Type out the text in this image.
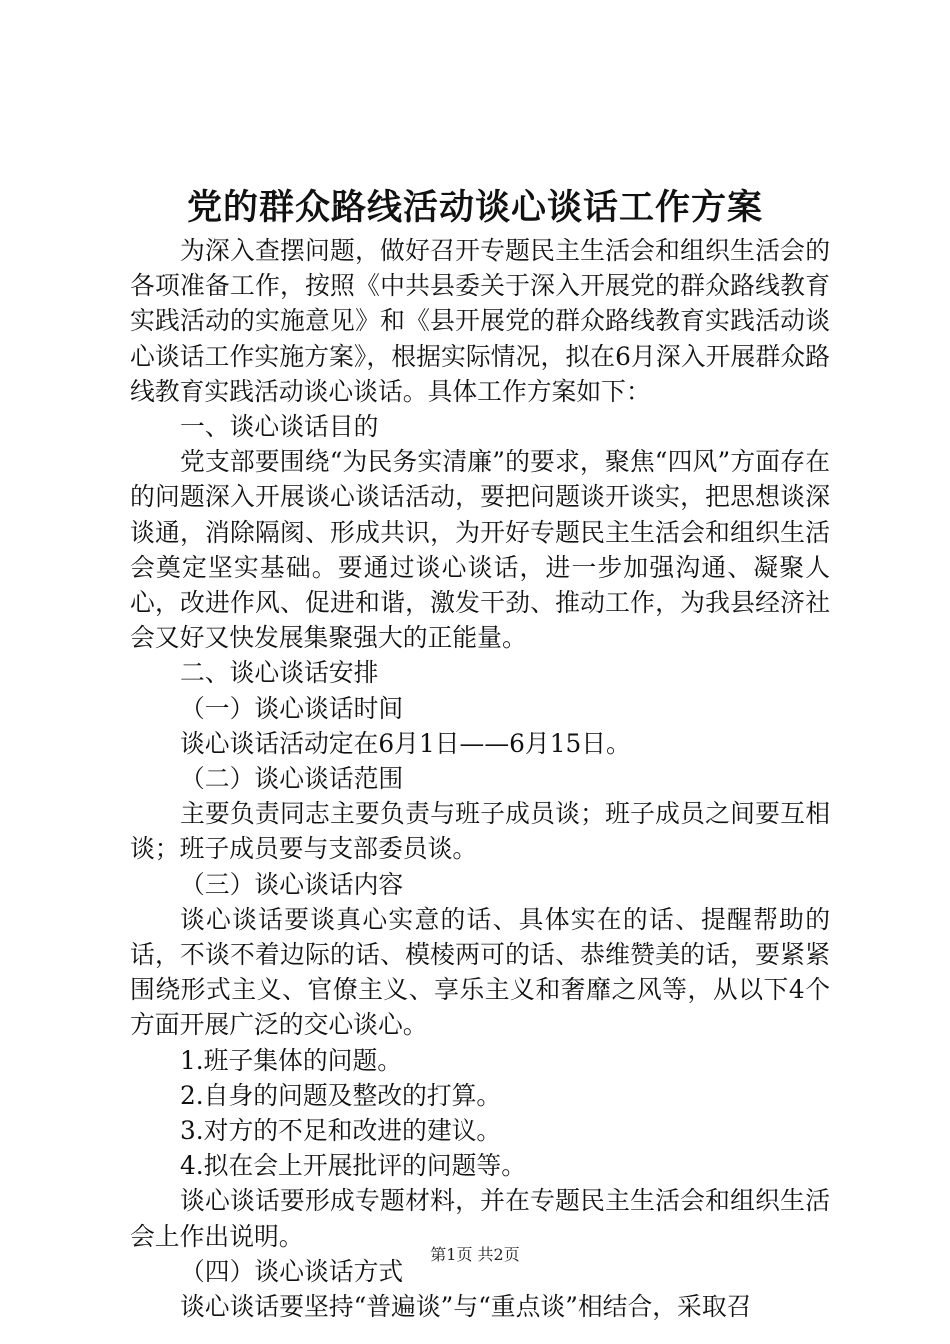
党的群众路线活动谈心谈话工作方案

为深入查摆问题，做好召开专题民主生活会和组织生活会的各项准备工作，按照《中共县委关于深入开展党的群众路线教育实践活动的实施意见》和《县开展党的群众路线教育实践活动谈心谈话工作实施方案》，根据实际情况，拟在6月深入开展群众路线教育实践活动谈心谈话。具体工作方案如下：

一、谈心谈话目的

党支部要围绕“为民务实清廉”的要求，聚焦“四风”方面存在的问题深入开展谈心谈话活动，要把问题谈开谈实，把思想谈深谈通，消除隔阂、形成共识，为开好专题民主生活会和组织生活会奠定坚实基础。要通过谈心谈话，进一步加强沟通、凝聚人心，改进作风、促进和谐，激发干劲、推动工作，为我县经济社会又好又快发展集聚强大的正能量。

二、谈心谈话安排

（一）谈心谈话时间

谈心谈话活动定在6月1日——6月15日。

（二）谈心谈话范围

主要负责同志主要负责与班子成员谈；班子成员之间要互相谈；班子成员要与支部委员谈。

（三）谈心谈话内容

谈心谈话要谈真心实意的话、具体实在的话、提醒帮助的话，不谈不着边际的话、模棱两可的话、恭维赞美的话，要紧紧围绕形式主义、官僚主义、享乐主义和奢靡之风等，从以下4个方面开展广泛的交心谈心。

1.班子集体的问题。

2.自身的问题及整改的打算。

3.对方的不足和改进的建议。

4.拟在会上开展批评的问题等。

谈心谈话要形成专题材料，并在专题民主生活会和组织生活会上作出说明。

（四）谈心谈话方式

谈心谈话要坚持“普遍谈”与“重点谈”相结合，采取召

第1页 共2页
